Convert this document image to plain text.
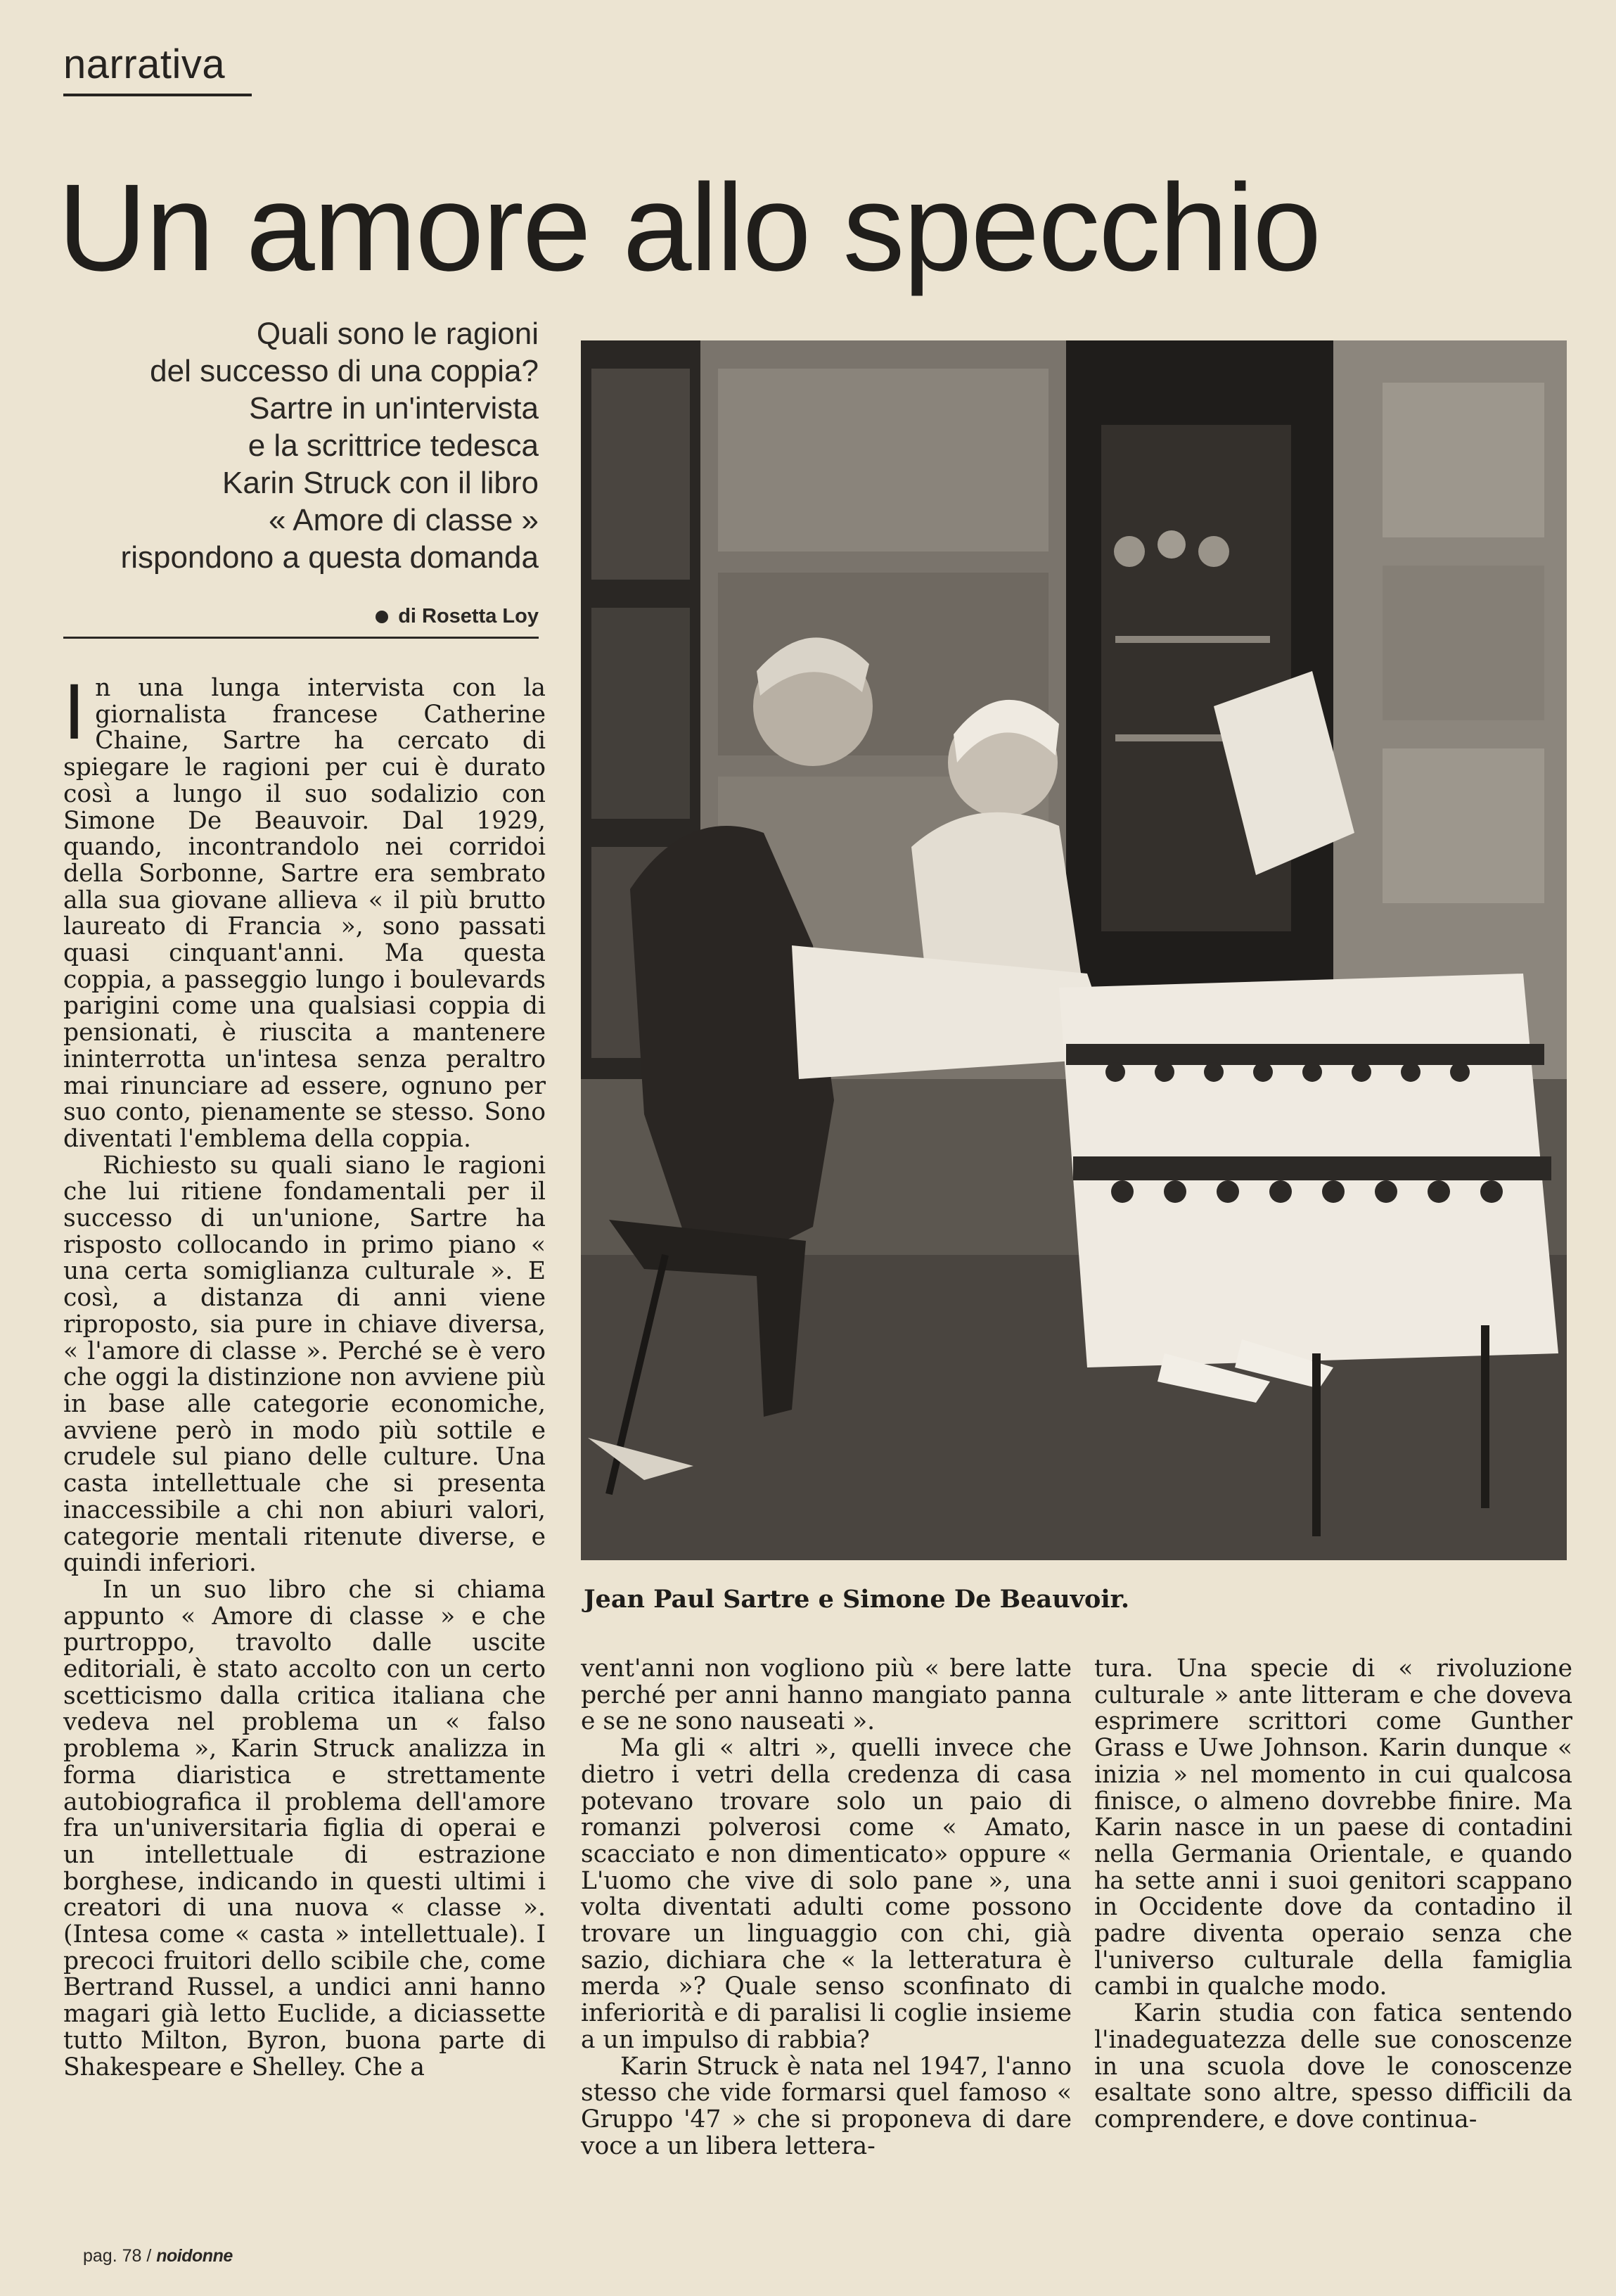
narrativa
Un amore allo specchio
Quali sono le ragioni
del successo di una coppia?
Sartre in un'intervista
e la scrittrice tedesca
Karin Struck con il libro
« Amore di classe »
rispondono a questa domanda
di Rosetta Loy

In una lunga intervista con la giornalista francese Catherine Chaine, Sartre ha cercato di spiegare le ragioni per cui è durato così a lungo il suo sodalizio con Simone De Beauvoir. Dal 1929, quando, incontrandolo nei corridoi della Sorbonne, Sartre era sembrato alla sua giovane allieva « il più brutto laureato di Francia », sono passati quasi cinquant'anni. Ma questa coppia, a passeggio lungo i boulevards parigini come una qualsiasi coppia di pensionati, è riuscita a mantenere ininterrotta un'intesa senza peraltro mai rinunciare ad essere, ognuno per suo conto, pienamente se stesso. Sono diventati l'emblema della coppia.

Richiesto su quali siano le ragioni che lui ritiene fondamentali per il successo di un'unione, Sartre ha risposto collocando in primo piano « una certa somiglianza culturale ». E così, a distanza di anni viene riproposto, sia pure in chiave diversa, « l'amore di classe ». Perché se è vero che oggi la distinzione non avviene più in base alle categorie economiche, avviene però in modo più sottile e crudele sul piano delle culture. Una casta intellettuale che si presenta inaccessibile a chi non abiuri valori, categorie mentali ritenute diverse, e quindi inferiori.

In un suo libro che si chiama appunto « Amore di classe » e che purtroppo, travolto dalle uscite editoriali, è stato accolto con un certo scetticismo dalla critica italiana che vedeva nel problema un « falso problema », Karin Struck analizza in forma diaristica e strettamente autobiografica il problema dell'amore fra un'universitaria figlia di operai e un intellettuale di estrazione borghese, indicando in questi ultimi i creatori di una nuova « classe ». (Intesa come « casta » intellettuale). I precoci fruitori dello scibile che, come Bertrand Russel, a undici anni hanno magari già letto Euclide, a diciassette tutto Milton, Byron, buona parte di Shakespeare e Shelley. Che a

Jean Paul Sartre e Simone De Beauvoir.

vent'anni non vogliono più « bere latte perché per anni hanno mangiato panna e se ne sono nauseati ».

Ma gli « altri », quelli invece che dietro i vetri della credenza di casa potevano trovare solo un paio di romanzi polverosi come « Amato, scacciato e non dimenticato» oppure « L'uomo che vive di solo pane », una volta diventati adulti come possono trovare un linguaggio con chi, già sazio, dichiara che « la letteratura è merda »? Quale senso sconfinato di inferiorità e di paralisi li coglie insieme a un impulso di rabbia?

Karin Struck è nata nel 1947, l'anno stesso che vide formarsi quel famoso « Gruppo '47 » che si proponeva di dare voce a un libera lettera-

tura. Una specie di « rivoluzione culturale » ante litteram e che doveva esprimere scrittori come Gunther Grass e Uwe Johnson. Karin dunque « inizia » nel momento in cui qualcosa finisce, o almeno dovrebbe finire. Ma Karin nasce in un paese di contadini nella Germania Orientale, e quando ha sette anni i suoi genitori scappano in Occidente dove da contadino il padre diventa operaio senza che l'universo culturale della famiglia cambi in qualche modo.

Karin studia con fatica sentendo l'inadeguatezza delle sue conoscenze in una scuola dove le conoscenze esaltate sono altre, spesso difficili da comprendere, e dove continua-

pag. 78 / noidonne
